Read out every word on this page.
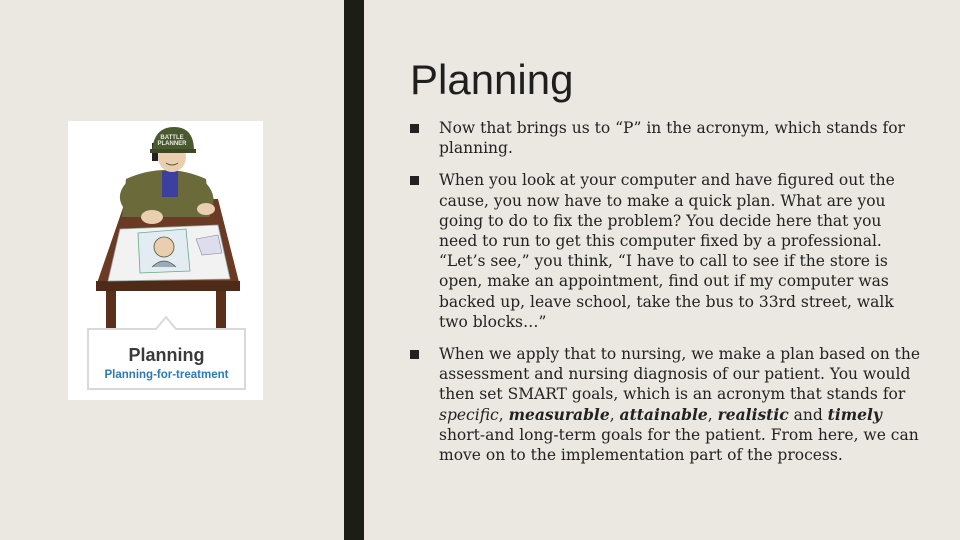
BATTLE
PLANNER
Planning
Planning-for-treatment
Planning
Now that brings us to “P” in the acronym, which stands for planning.
When you look at your computer and have figured out the cause, you now have to make a quick plan. What are you going to do to fix the problem? You decide here that you need to run to get this computer fixed by a professional. “Let’s see,” you think, “I have to call to see if the store is open, make an appointment, find out if my computer was backed up, leave school, take the bus to 33rd street, walk two blocks…”
When we apply that to nursing, we make a plan based on the assessment and nursing diagnosis of our patient. You would then set SMART goals, which is an acronym that stands for specific, measurable, attainable, realistic and timely short-and long-term goals for the patient. From here, we can move on to the implementation part of the process.
